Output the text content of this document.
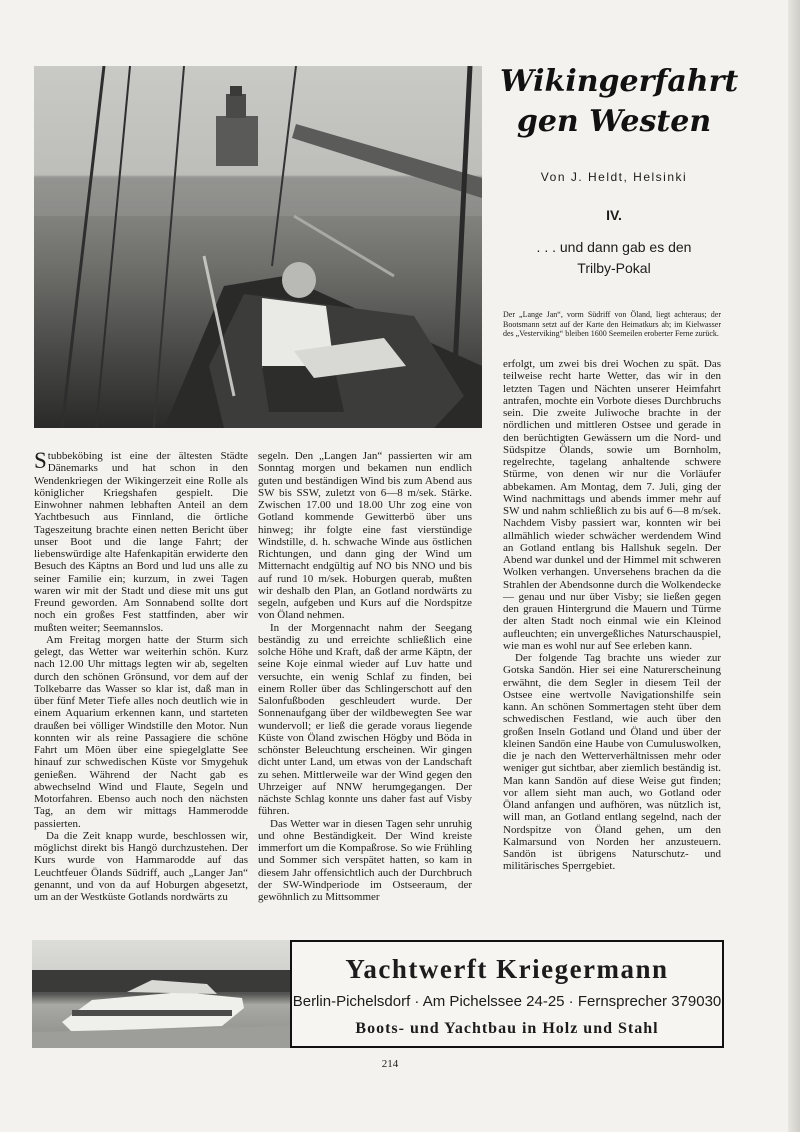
Wikingerfahrt
gen Westen
Von J. Heldt, Helsinki
IV.
. . . und dann gab es den
Trilby-Pokal
Der „Lange Jan“, vorm Südriff von Öland, liegt achteraus; der Bootsmann setzt auf der Karte den Heimatkurs ab; im Kielwasser des „Vesterviking“ bleiben 1600 Seemeilen eroberter Ferne zurück.

Stubbeköbing ist eine der ältesten Städte Dänemarks und hat schon in den Wendenkriegen der Wikingerzeit eine Rolle als königlicher Kriegshafen gespielt. Die Einwohner nahmen lebhaften Anteil an dem Yachtbesuch aus Finnland, die örtliche Tageszeitung brachte einen netten Bericht über unser Boot und die lange Fahrt; der liebenswürdige alte Hafenkapitän erwiderte den Besuch des Käptns an Bord und lud uns alle zu seiner Familie ein; kurzum, in zwei Tagen waren wir mit der Stadt und diese mit uns gut Freund geworden. Am Sonnabend sollte dort noch ein großes Fest stattfinden, aber wir mußten weiter; Seemannslos.

Am Freitag morgen hatte der Sturm sich gelegt, das Wetter war weiterhin schön. Kurz nach 12.00 Uhr mittags legten wir ab, segelten durch den schönen Grönsund, vor dem auf der Tolkebarre das Wasser so klar ist, daß man in über fünf Meter Tiefe alles noch deutlich wie in einem Aquarium erkennen kann, und starteten draußen bei völliger Windstille den Motor. Nun konnten wir als reine Passagiere die schöne Fahrt um Möen über eine spiegelglatte See hinauf zur schwedischen Küste vor Smygehuk genießen. Während der Nacht gab es abwechselnd Wind und Flaute, Segeln und Motorfahren. Ebenso auch noch den nächsten Tag, an dem wir mittags Hammerodde passierten.

Da die Zeit knapp wurde, beschlossen wir, möglichst direkt bis Hangö durchzustehen. Der Kurs wurde von Hammarodde auf das Leuchtfeuer Ölands Südriff, auch „Langer Jan“ genannt, und von da auf Hoburgen abgesetzt, um an der Westküste Gotlands nordwärts zu

segeln. Den „Langen Jan“ passierten wir am Sonntag morgen und bekamen nun endlich guten und beständigen Wind bis zum Abend aus SW bis SSW, zuletzt von 6—8 m/sek. Stärke. Zwischen 17.00 und 18.00 Uhr zog eine von Gotland kommende Gewitterbö über uns hinweg; ihr folgte eine fast vierstündige Windstille, d. h. schwache Winde aus östlichen Richtungen, und dann ging der Wind um Mitternacht endgültig auf NO bis NNO und bis auf rund 10 m/sek. Hoburgen querab, mußten wir deshalb den Plan, an Gotland nordwärts zu segeln, aufgeben und Kurs auf die Nordspitze von Öland nehmen.

In der Morgennacht nahm der Seegang beständig zu und erreichte schließlich eine solche Höhe und Kraft, daß der arme Käptn, der seine Koje einmal wieder auf Luv hatte und versuchte, ein wenig Schlaf zu finden, bei einem Roller über das Schlingerschott auf den Salonfußboden geschleudert wurde. Der Sonnenaufgang über der wildbewegten See war wundervoll; er ließ die gerade voraus liegende Küste von Öland zwischen Högby und Böda in schönster Beleuchtung erscheinen. Wir gingen dicht unter Land, um etwas von der Landschaft zu sehen. Mittlerweile war der Wind gegen den Uhrzeiger auf NNW herumgegangen. Der nächste Schlag konnte uns daher fast auf Visby führen.

Das Wetter war in diesen Tagen sehr unruhig und ohne Beständigkeit. Der Wind kreiste immerfort um die Kompaßrose. So wie Frühling und Sommer sich verspätet hatten, so kam in diesem Jahr offensichtlich auch der Durchbruch der SW-Windperiode im Ostseeraum, der gewöhnlich zu Mittsommer

erfolgt, um zwei bis drei Wochen zu spät. Das teilweise recht harte Wetter, das wir in den letzten Tagen und Nächten unserer Heimfahrt antrafen, mochte ein Vorbote dieses Durchbruchs sein. Die zweite Juliwoche brachte in der nördlichen und mittleren Ostsee und gerade in den berüchtigten Gewässern um die Nord- und Südspitze Ölands, sowie um Bornholm, regelrechte, tagelang anhaltende schwere Stürme, von denen wir nur die Vorläufer abbekamen. Am Montag, dem 7. Juli, ging der Wind nachmittags und abends immer mehr auf SW und nahm schließlich zu bis auf 6—8 m/sek. Nachdem Visby passiert war, konnten wir bei allmählich wieder schwächer werdendem Wind an Gotland entlang bis Hallshuk segeln. Der Abend war dunkel und der Himmel mit schweren Wolken verhangen. Unversehens brachen da die Strahlen der Abendsonne durch die Wolkendecke — genau und nur über Visby; sie ließen gegen den grauen Hintergrund die Mauern und Türme der alten Stadt noch einmal wie ein Kleinod aufleuchten; ein unvergeßliches Naturschauspiel, wie man es wohl nur auf See erleben kann.

Der folgende Tag brachte uns wieder zur Gotska Sandön. Hier sei eine Naturerscheinung erwähnt, die dem Segler in diesem Teil der Ostsee eine wertvolle Navigationshilfe sein kann. An schönen Sommertagen steht über dem schwedischen Festland, wie auch über den großen Inseln Gotland und Öland und über der kleinen Sandön eine Haube von Cumuluswolken, die je nach den Wetterverhältnissen mehr oder weniger gut sichtbar, aber ziemlich beständig ist. Man kann Sandön auf diese Weise gut finden; vor allem sieht man auch, wo Gotland oder Öland anfangen und aufhören, was nützlich ist, will man, an Gotland entlang segelnd, nach der Nordspitze von Öland gehen, um den Kalmarsund von Norden her anzusteuern. Sandön ist übrigens Naturschutz- und militärisches Sperrgebiet.

Yachtwerft Kriegermann
Berlin-Pichelsdorf · Am Pichelssee 24-25 · Fernsprecher 379030
Boots- und Yachtbau in Holz und Stahl
214
